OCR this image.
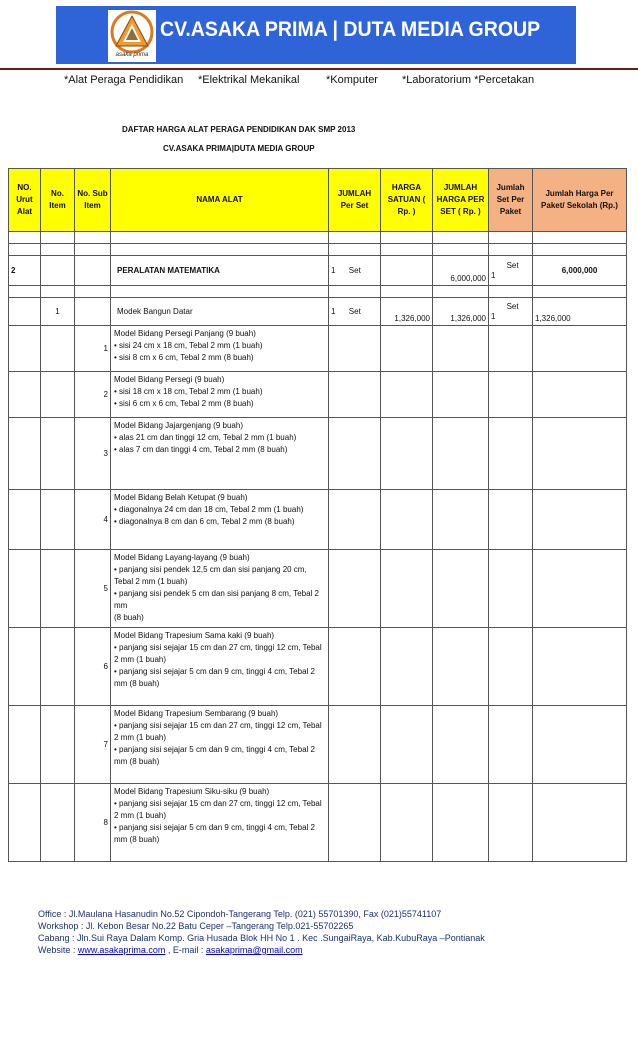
asaka prima
CV.ASAKA PRIMA | DUTA MEDIA GROUP
*Alat Peraga Pendidikan *Elektrikal Mekanikal *Komputer *Laboratorium *Percetakan
DAFTAR HARGA ALAT PERAGA PENDIDIKAN DAK SMP 2013
CV.ASAKA PRIMA|DUTA MEDIA GROUP
NO. Urut Alat	No. Item	No. Sub Item	NAMA ALAT	JUMLAH Per Set	HARGA SATUAN ( Rp. )	JUMLAH HARGA PER SET ( Rp. )	Jumlah Set Per Paket	Jumlah Harga Per Paket/ Sekolah (Rp.)

2			PERALATAN MATEMATIKA	1 Set		6,000,000	1     Set	6,000,000

	1		Modek Bangun Datar	1 Set	1,326,000	1,326,000	1     Set	1,326,000
		1	Model Bidang Persegi Panjang (9 buah)
• sisi 24 cm x 18 cm, Tebal 2 mm (1 buah)
• sisi 8 cm x 6 cm, Tebal 2 mm (8 buah)					
		2	Model Bidang Persegi (9 buah)
• sisi 18 cm x 18 cm, Tebal 2 mm (1 buah)
• sisi 6 cm x 6 cm, Tebal 2 mm (8 buah)					
		3	Model Bidang Jajargenjang (9 buah)
• alas 21 cm dan tinggi 12 cm, Tebal 2 mm (1 buah)
• alas 7 cm dan tinggi 4 cm, Tebal 2 mm (8 buah)					
		4	Model Bidang Belah Ketupat (9 buah)
• diagonalnya 24 cm dan 18 cm, Tebal 2 mm (1 buah)
• diagonalnya 8 cm dan 6 cm, Tebal 2 mm (8 buah)					
		5	Model Bidang Layang-layang (9 buah)
• panjang sisi pendek 12,5 cm dan sisi panjang 20 cm, Tebal 2 mm (1 buah)
• panjang sisi pendek 5 cm dan sisi panjang 8 cm, Tebal 2 mm
(8 buah)					
		6	Model Bidang Trapesium Sama kaki (9 buah)
• panjang sisi sejajar 15 cm dan 27 cm, tinggi 12 cm, Tebal 2 mm (1 buah)
• panjang sisi sejajar 5 cm dan 9 cm, tinggi 4 cm, Tebal 2 mm (8 buah)					
		7	Model Bidang Trapesium Sembarang (9 buah)
• panjang sisi sejajar 15 cm dan 27 cm, tinggi 12 cm, Tebal 2 mm (1 buah)
• panjang sisi sejajar 5 cm dan 9 cm, tinggi 4 cm, Tebal 2 mm (8 buah)					
		8	Model Bidang Trapesium Siku-siku (9 buah)
• panjang sisi sejajar 15 cm dan 27 cm, tinggi 12 cm, Tebal 2 mm (1 buah)
• panjang sisi sejajar 5 cm dan 9 cm, tinggi 4 cm, Tebal 2 mm (8 buah)					
Office : Jl.Maulana Hasanudin No.52 Cipondoh-Tangerang Telp. (021) 55701390, Fax (021)55741107
Workshop : Jl. Kebon Besar No.22 Batu Ceper –Tangerang Telp.021-55702265
Cabang : Jln.Sui Raya Dalam Komp. Gria Husada Blok HH No 1 . Kec .SungaiRaya, Kab.KubuRaya –Pontianak
Website : www.asakaprima.com , E-mail : asakaprima@gmail.com
